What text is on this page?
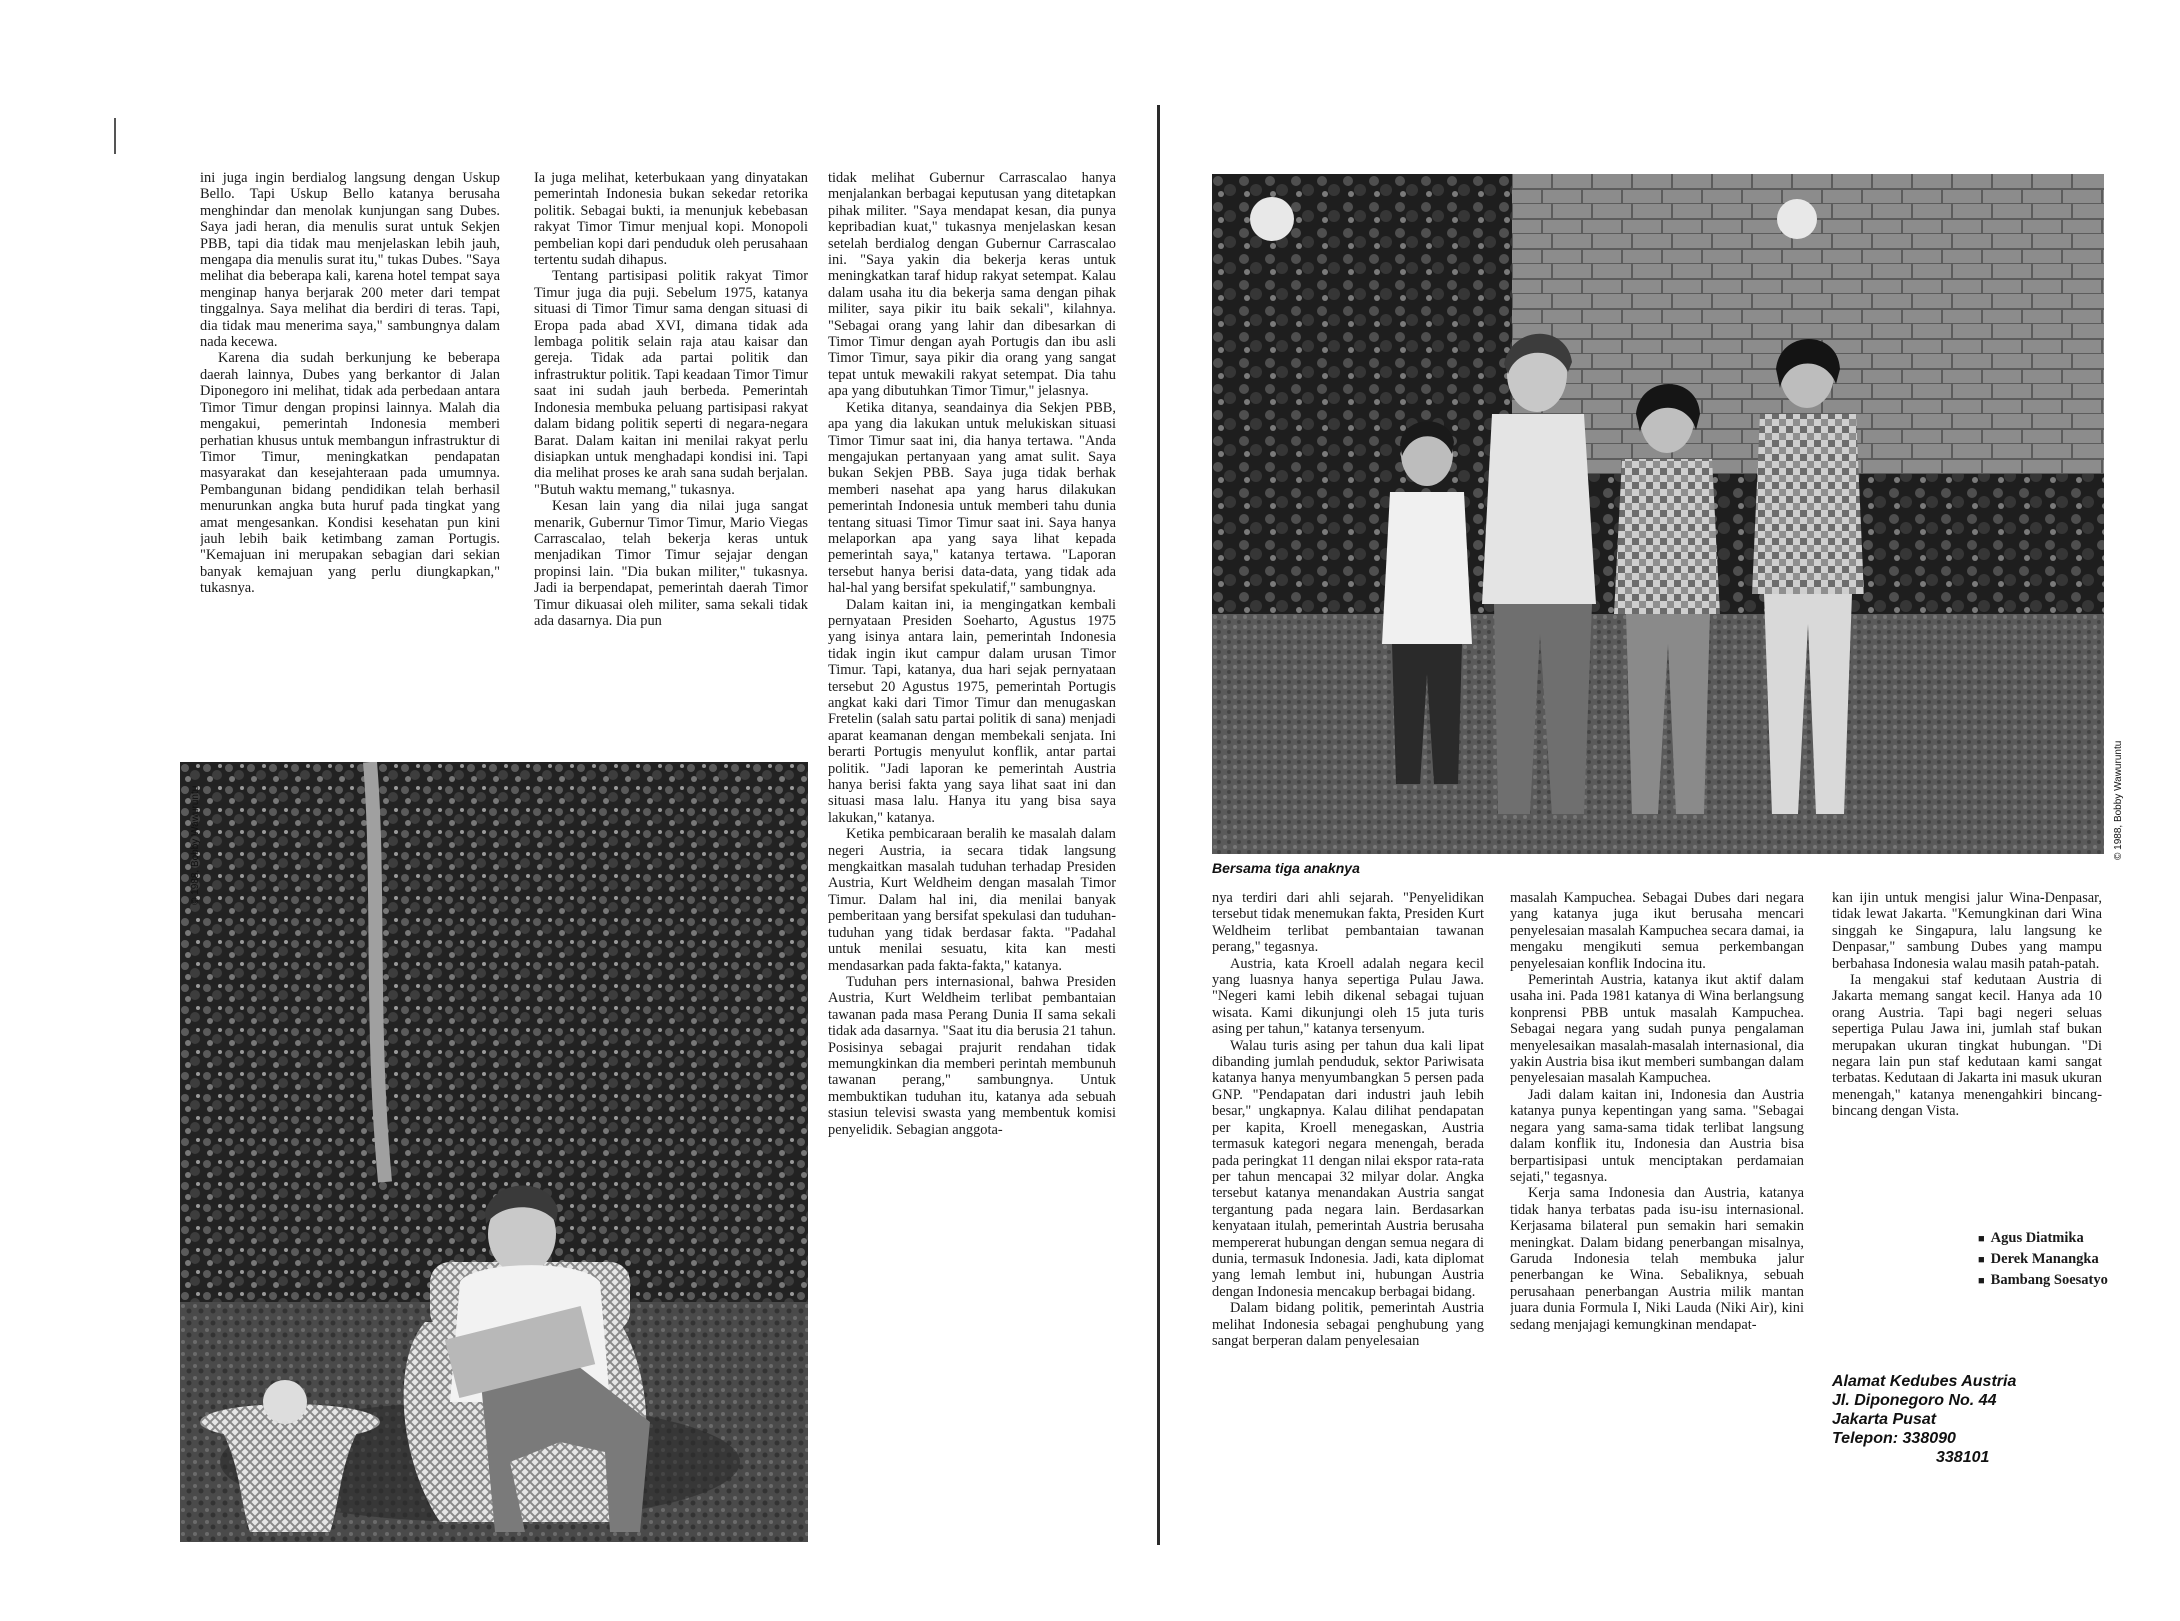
ini juga ingin berdialog langsung dengan Uskup Bello. Tapi Uskup Bello katanya berusaha menghindar dan menolak kunjungan sang Dubes. Saya jadi heran, dia menulis surat untuk Sekjen PBB, tapi dia tidak mau menjelaskan lebih jauh, mengapa dia menulis surat itu," tukas Dubes. "Saya melihat dia beberapa kali, karena hotel tempat saya menginap hanya berjarak 200 meter dari tempat tinggalnya. Saya melihat dia berdiri di teras. Tapi, dia tidak mau menerima saya," sambungnya dalam nada kecewa.

Karena dia sudah berkunjung ke beberapa daerah lainnya, Dubes yang berkantor di Jalan Diponegoro ini melihat, tidak ada perbedaan antara Timor Timur dengan propinsi lainnya. Malah dia mengakui, pemerintah Indonesia memberi perhatian khusus untuk membangun infrastruktur di Timor Timur, meningkatkan pendapatan masyarakat dan kesejahteraan pada umumnya. Pembangunan bidang pendidikan telah berhasil menurunkan angka buta huruf pada tingkat yang amat mengesankan. Kondisi kesehatan pun kini jauh lebih baik ketimbang zaman Portugis. "Kemajuan ini merupakan sebagian dari sekian banyak kemajuan yang perlu diungkapkan," tukasnya.

Ia juga melihat, keterbukaan yang dinyatakan pemerintah Indonesia bukan sekedar retorika politik. Sebagai bukti, ia menunjuk kebebasan rakyat Timor Timur menjual kopi. Monopoli pembelian kopi dari penduduk oleh perusahaan tertentu sudah dihapus.

Tentang partisipasi politik rakyat Timor Timur juga dia puji. Sebelum 1975, katanya situasi di Timor Timur sama dengan situasi di Eropa pada abad XVI, dimana tidak ada lembaga politik selain raja atau kaisar dan gereja. Tidak ada partai politik dan infrastruktur politik. Tapi keadaan Timor Timur saat ini sudah jauh berbeda. Pemerintah Indonesia membuka peluang partisipasi rakyat dalam bidang politik seperti di negara-negara Barat. Dalam kaitan ini menilai rakyat perlu disiapkan untuk menghadapi kondisi ini. Tapi dia melihat proses ke arah sana sudah berjalan. "Butuh waktu memang," tukasnya.

Kesan lain yang dia nilai juga sangat menarik, Gubernur Timor Timur, Mario Viegas Carrascalao, telah bekerja keras untuk menjadikan Timor Timur sejajar dengan propinsi lain. "Dia bukan militer," tukasnya. Jadi ia berpendapat, pemerintah daerah Timor Timur dikuasai oleh militer, sama sekali tidak ada dasarnya. Dia pun

tidak melihat Gubernur Carrascalao hanya menjalankan berbagai keputusan yang ditetapkan pihak militer. "Saya mendapat kesan, dia punya kepribadian kuat," tukasnya menjelaskan kesan setelah berdialog dengan Gubernur Carrascalao ini. "Saya yakin dia bekerja keras untuk meningkatkan taraf hidup rakyat setempat. Kalau dalam usaha itu dia bekerja sama dengan pihak militer, saya pikir itu baik sekali", kilahnya. "Sebagai orang yang lahir dan dibesarkan di Timor Timur dengan ayah Portugis dan ibu asli Timor Timur, saya pikir dia orang yang sangat tepat untuk mewakili rakyat setempat. Dia tahu apa yang dibutuhkan Timor Timur," jelasnya.

Ketika ditanya, seandainya dia Sekjen PBB, apa yang dia lakukan untuk melukiskan situasi Timor Timur saat ini, dia hanya tertawa. "Anda mengajukan pertanyaan yang amat sulit. Saya bukan Sekjen PBB. Saya juga tidak berhak memberi nasehat apa yang harus dilakukan pemerintah Indonesia untuk memberi tahu dunia tentang situasi Timor Timur saat ini. Saya hanya melaporkan apa yang saya lihat kepada pemerintah saya," katanya tertawa. "Laporan tersebut hanya berisi data-data, yang tidak ada hal-hal yang bersifat spekulatif," sambungnya.

Dalam kaitan ini, ia mengingatkan kembali pernyataan Presiden Soeharto, Agustus 1975 yang isinya antara lain, pemerintah Indonesia tidak ingin ikut campur dalam urusan Timor Timur. Tapi, katanya, dua hari sejak pernyataan tersebut 20 Agustus 1975, pemerintah Portugis angkat kaki dari Timor Timur dan menugaskan Fretelin (salah satu partai politik di sana) menjadi aparat keamanan dengan membekali senjata. Ini berarti Portugis menyulut konflik, antar partai politik. "Jadi laporan ke pemerintah Austria hanya berisi fakta yang saya lihat saat ini dan situasi masa lalu. Hanya itu yang bisa saya lakukan," katanya.

Ketika pembicaraan beralih ke masalah dalam negeri Austria, ia secara tidak langsung mengkaitkan masalah tuduhan terhadap Presiden Austria, Kurt Weldheim dengan masalah Timor Timur. Dalam hal ini, dia menilai banyak pemberitaan yang bersifat spekulasi dan tuduhan-tuduhan yang tidak berdasar fakta. "Padahal untuk menilai sesuatu, kita kan mesti mendasarkan pada fakta-fakta," katanya.

Tuduhan pers internasional, bahwa Presiden Austria, Kurt Weldheim terlibat pembantaian tawanan pada masa Perang Dunia II sama sekali tidak ada dasarnya. "Saat itu dia berusia 21 tahun. Posisinya sebagai prajurit rendahan tidak memungkinkan dia memberi perintah membunuh tawanan perang," sambungnya. Untuk membuktikan tuduhan itu, katanya ada sebuah stasiun televisi swasta yang membentuk komisi penyelidik. Sebagian anggota-

© 1988, Bobby Wawuruntu	© 1988, Bobby Wawuruntu
Bersama tiga anaknya

nya terdiri dari ahli sejarah. "Penyelidikan tersebut tidak menemukan fakta, Presiden Kurt Weldheim terlibat pembantaian tawanan perang," tegasnya.

Austria, kata Kroell adalah negara kecil yang luasnya hanya sepertiga Pulau Jawa. "Negeri kami lebih dikenal sebagai tujuan wisata. Kami dikunjungi oleh 15 juta turis asing per tahun," katanya tersenyum.

Walau turis asing per tahun dua kali lipat dibanding jumlah penduduk, sektor Pariwisata katanya hanya menyumbangkan 5 persen pada GNP. "Pendapatan dari industri jauh lebih besar," ungkapnya. Kalau dilihat pendapatan per kapita, Kroell menegaskan, Austria termasuk kategori negara menengah, berada pada peringkat 11 dengan nilai ekspor rata-rata per tahun mencapai 32 milyar dolar. Angka tersebut katanya menandakan Austria sangat tergantung pada negara lain. Berdasarkan kenyataan itulah, pemerintah Austria berusaha mempererat hubungan dengan semua negara di dunia, termasuk Indonesia. Jadi, kata diplomat yang lemah lembut ini, hubungan Austria dengan Indonesia mencakup berbagai bidang.

Dalam bidang politik, pemerintah Austria melihat Indonesia sebagai penghubung yang sangat berperan dalam penyelesaian

masalah Kampuchea. Sebagai Dubes dari negara yang katanya juga ikut berusaha mencari penyelesaian masalah Kampuchea secara damai, ia mengaku mengikuti semua perkembangan penyelesaian konflik Indocina itu.

Pemerintah Austria, katanya ikut aktif dalam usaha ini. Pada 1981 katanya di Wina berlangsung konprensi PBB untuk masalah Kampuchea. Sebagai negara yang sudah punya pengalaman menyelesaikan masalah-masalah internasional, dia yakin Austria bisa ikut memberi sumbangan dalam penyelesaian masalah Kampuchea.

Jadi dalam kaitan ini, Indonesia dan Austria katanya punya kepentingan yang sama. "Sebagai negara yang sama-sama tidak terlibat langsung dalam konflik itu, Indonesia dan Austria bisa berpartisipasi untuk menciptakan perdamaian sejati," tegasnya.

Kerja sama Indonesia dan Austria, katanya tidak hanya terbatas pada isu-isu internasional. Kerjasama bilateral pun semakin hari semakin meningkat. Dalam bidang penerbangan misalnya, Garuda Indonesia telah membuka jalur penerbangan ke Wina. Sebaliknya, sebuah perusahaan penerbangan Austria milik mantan juara dunia Formula I, Niki Lauda (Niki Air), kini sedang menjajagi kemungkinan mendapat-

kan ijin untuk mengisi jalur Wina-Denpasar, tidak lewat Jakarta. "Kemungkinan dari Wina singgah ke Singapura, lalu langsung ke Denpasar," sambung Dubes yang mampu berbahasa Indonesia walau masih patah-patah.

Ia mengakui staf kedutaan Austria di Jakarta memang sangat kecil. Hanya ada 10 orang Austria. Tapi bagi negeri seluas sepertiga Pulau Jawa ini, jumlah staf bukan merupakan ukuran tingkat hubungan. "Di negara lain pun staf kedutaan kami sangat terbatas. Kedutaan di Jakarta ini masuk ukuran menengah," katanya menengahkiri bincang-bincang dengan Vista.

■ Agus Diatmika
■ Derek Manangka
■ Bambang Soesatyo
Alamat Kedubes Austria
Jl. Diponegoro No. 44
Jakarta Pusat
Telepon: 338090
338101
